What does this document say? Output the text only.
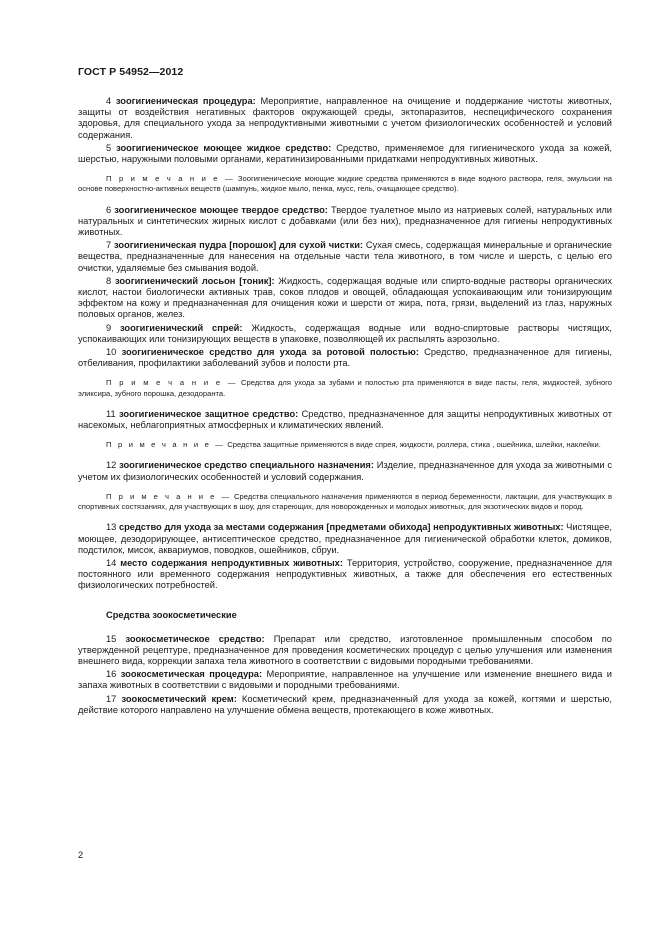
ГОСТ Р 54952—2012

4 зоогигиеническая процедура: Мероприятие, направленное на очищение и поддержание чистоты животных, защиты от воздействия негативных факторов окружающей среды, эктопаразитов, неспецифического сохранения здоровья, для специального ухода за непродуктивными животными с учетом физиологических особенностей и условий содержания.

5 зоогигиеническое моющее жидкое средство: Средство, применяемое для гигиенического ухода за кожей, шерстью, наружными половыми органами, кератинизированными придатками непродуктивных животных.

П р и м е ч а н и е — Зоогигиенические моющие жидкие средства применяются в виде водного раствора, геля, эмульсии на основе поверхностно-активных веществ (шампунь, жидкое мыло, пенка, мусс, гель, очищающее средство).

6 зоогигиеническое моющее твердое средство: Твердое туалетное мыло из натриевых солей, натуральных или натуральных и синтетических жирных кислот с добавками (или без них), предназначенное для гигиены непродуктивных животных.

7 зоогигиеническая пудра [порошок] для сухой чистки: Сухая смесь, содержащая минеральные и органические вещества, предназначенные для нанесения на отдельные части тела животного, в том числе и шерсть, с целью его очистки, удаляемые без смывания водой.

8 зоогигиенический лосьон [тоник]: Жидкость, содержащая водные или спирто-водные растворы органических кислот, настои биологически активных трав, соков плодов и овощей, обладающая успокаивающим или тонизирующим эффектом на кожу и предназначенная для очищения кожи и шерсти от жира, пота, грязи, выделений из глаз, наружных половых органов, желез.

9 зоогигиенический спрей: Жидкость, содержащая водные или водно-спиртовые растворы чистящих, успокаивающих или тонизирующих веществ в упаковке, позволяющей их распылять аэрозольно.

10 зоогигиеническое средство для ухода за ротовой полостью: Средство, предназначенное для гигиены, отбеливания, профилактики заболеваний зубов и полости рта.

П р и м е ч а н и е — Средства для ухода за зубами и полостью рта применяются в виде пасты, геля, жидкостей, зубного эликсира, зубного порошка, дезодоранта.

11 зоогигиеническое защитное средство: Средство, предназначенное для защиты непродуктивных животных от насекомых, неблагоприятных атмосферных и климатических явлений.

П р и м е ч а н и е — Средства защитные применяются в виде спрея, жидкости, роллера, стика , ошейника, шлейки, наклейки.

12 зоогигиеническое средство специального назначения: Изделие, предназначенное для ухода за животными с учетом их физиологических особенностей и условий содержания.

П р и м е ч а н и е — Средства специального назначения применяются в период беременности, лактации, для участвующих в спортивных состязаниях, для участвующих в шоу, для стареющих, для новорожденных и молодых животных, для экзотических видов и пород.

13 средство для ухода за местами содержания [предметами обихода] непродуктивных животных: Чистящее, моющее, дезодорирующее, антисептическое средство, предназначенное для гигиенической обработки клеток, домиков, подстилок, мисок, аквариумов, поводков, ошейников, сбруи.

14 место содержания непродуктивных животных: Территория, устройство, сооружение, предназначенное для постоянного или временного содержания непродуктивных животных, а также для обеспечения его естественных физиологических потребностей.

Средства зоокосметические

15 зоокосметическое средство: Препарат или средство, изготовленное промышленным способом по утвержденной рецептуре, предназначенное для проведения косметических процедур с целью улучшения или изменения внешнего вида, коррекции запаха тела животного в соответствии с видовыми породными требованиями.

16 зоокосметическая процедура: Мероприятие, направленное на улучшение или изменение внешнего вида и запаха животных в соответствии с видовыми и породными требованиями.

17 зоокосметический крем: Косметический крем, предназначенный для ухода за кожей, когтями и шерстью, действие которого направлено на улучшение обмена веществ, протекающего в коже животных.

2
